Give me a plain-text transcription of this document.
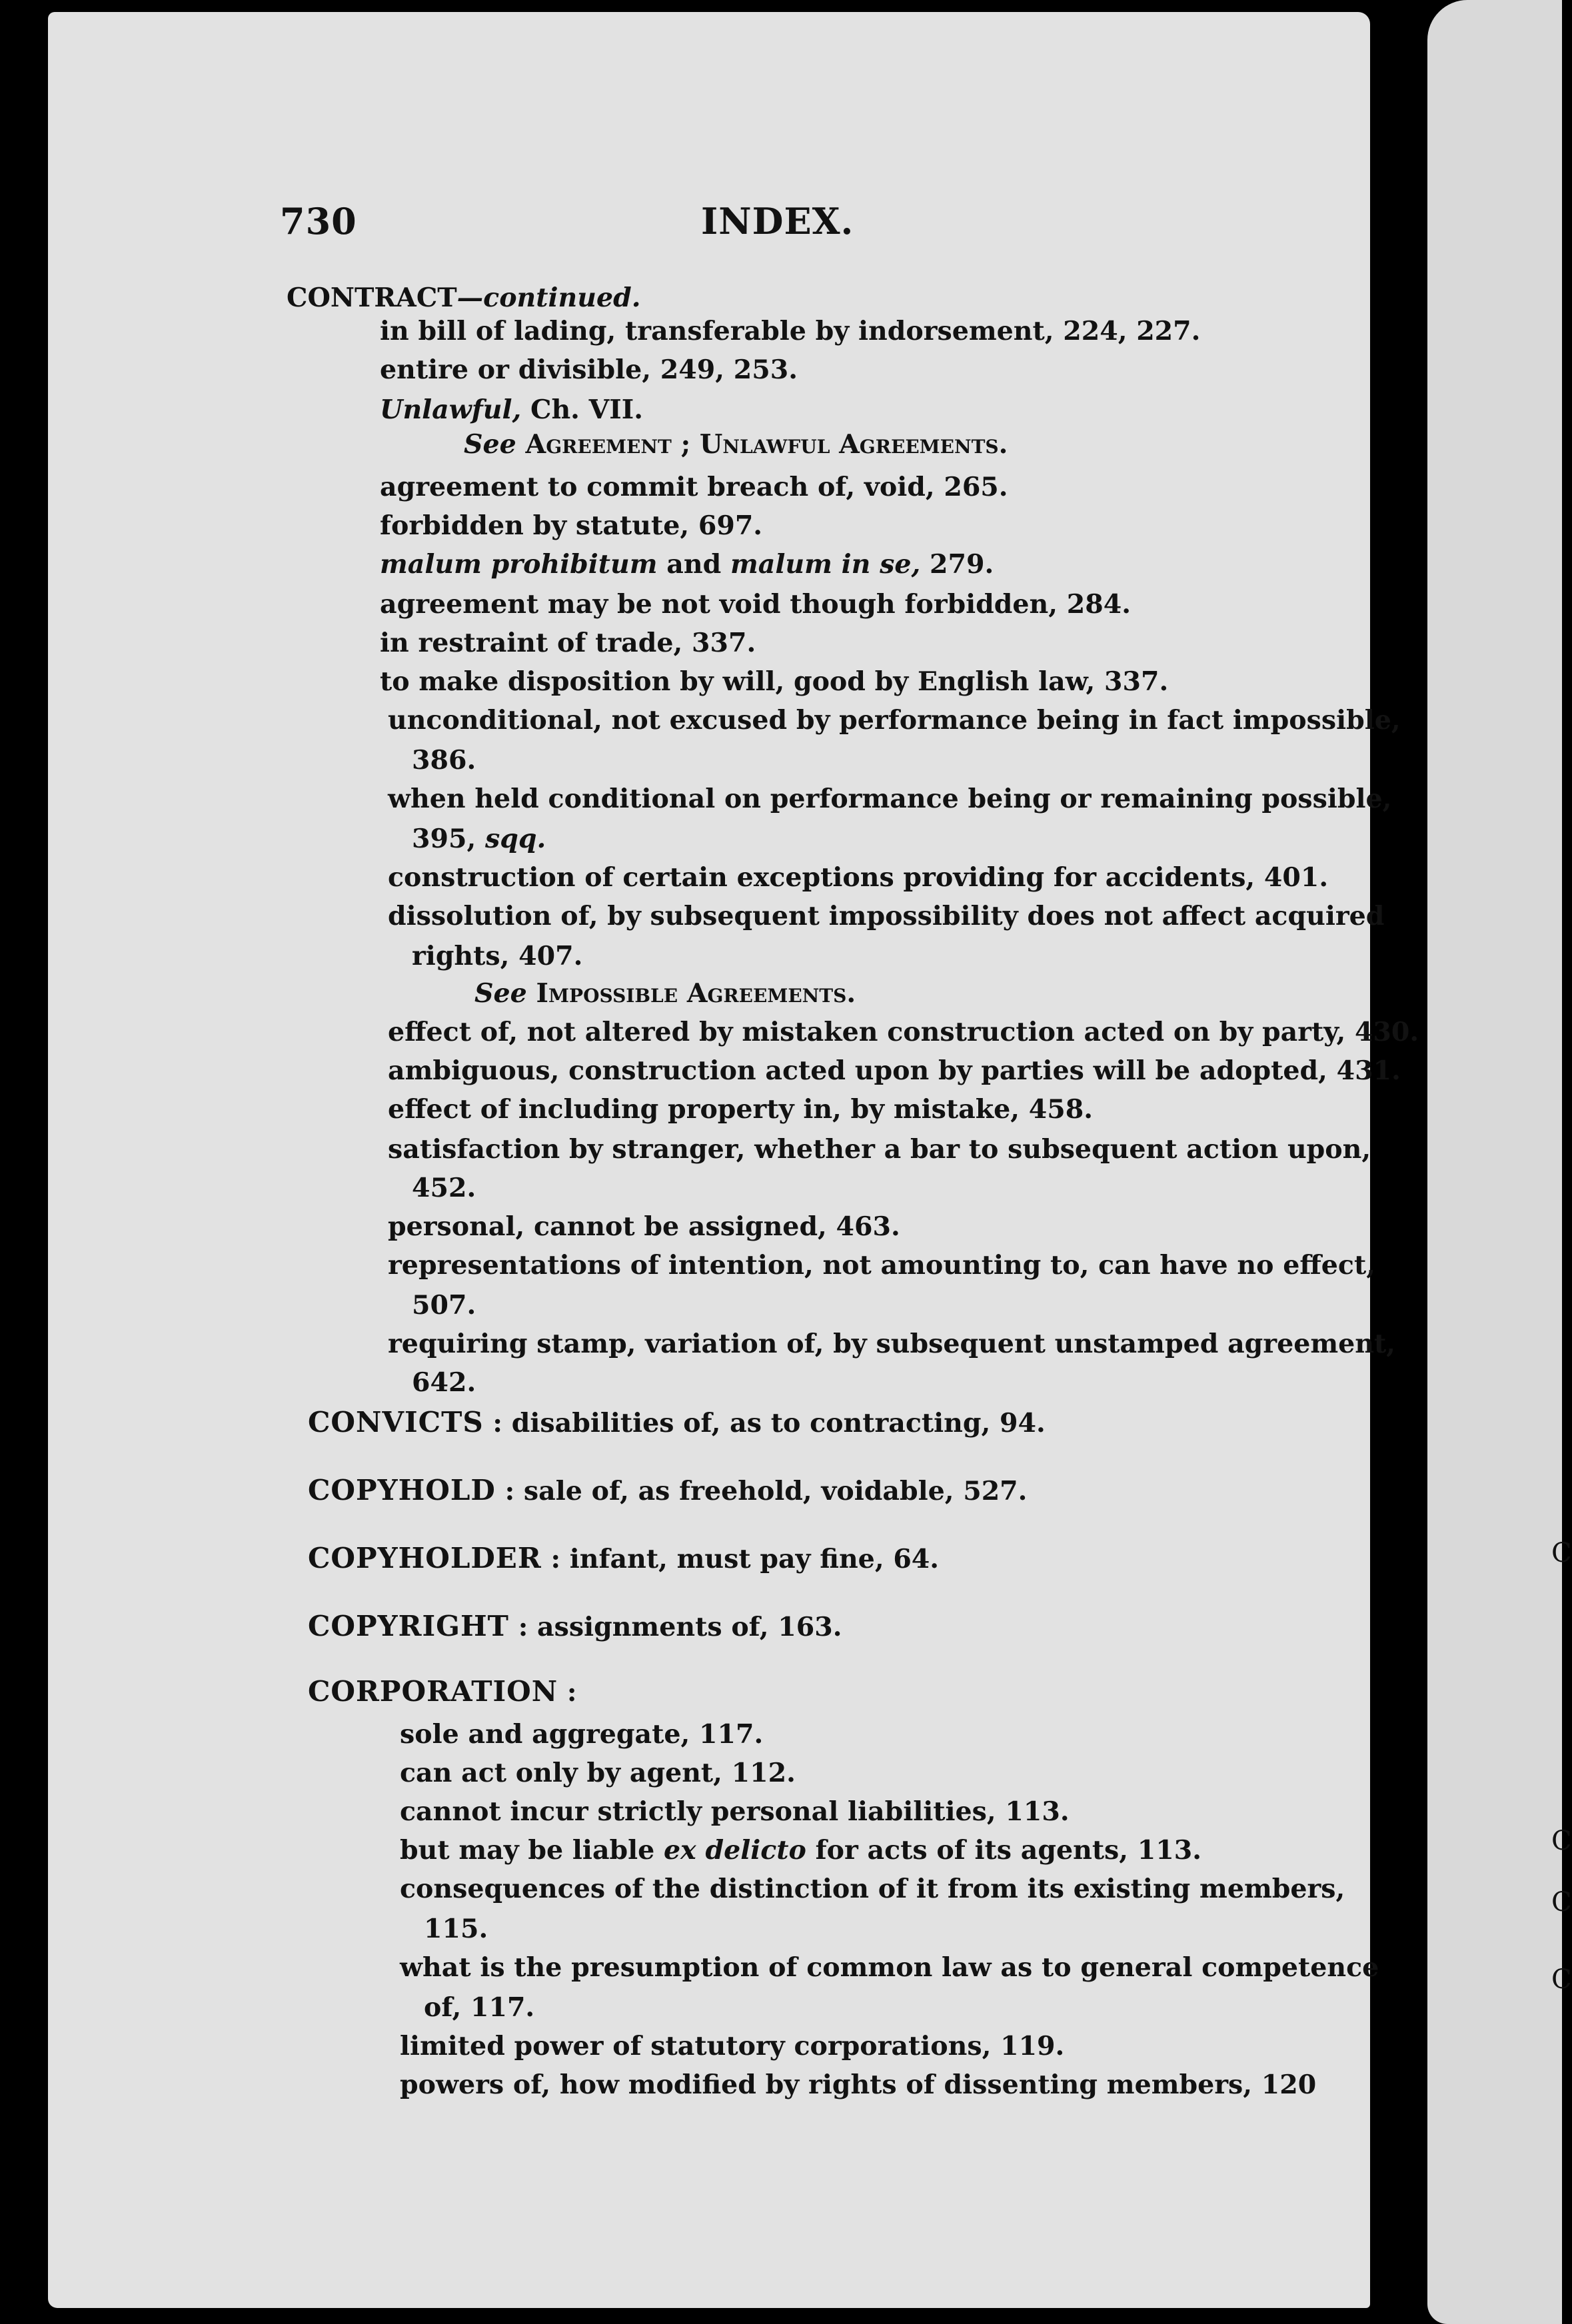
730	INDEX.
CONTRACT—continued.
in bill of lading, transferable by indorsement, 224, 227.
entire or divisible, 249, 253.
Unlawful, Ch. VII.
See Agreement ; Unlawful Agreements.
agreement to commit breach of, void, 265.
forbidden by statute, 697.
malum prohibitum and malum in se, 279.
agreement may be not void though forbidden, 284.
in restraint of trade, 337.
to make disposition by will, good by English law, 337.
unconditional, not excused by performance being in fact impossible,
386.
when held conditional on performance being or remaining possible,
395, sqq.
construction of certain exceptions providing for accidents, 401.
dissolution of, by subsequent impossibility does not affect acquired
rights, 407.
See Impossible Agreements.
effect of, not altered by mistaken construction acted on by party, 430.
ambiguous, construction acted upon by parties will be adopted, 431.
effect of including property in, by mistake, 458.
satisfaction by stranger, whether a bar to subsequent action upon,
452.
personal, cannot be assigned, 463.
representations of intention, not amounting to, can have no effect,
507.
requiring stamp, variation of, by subsequent unstamped agreement,
642.
CONVICTS : disabilities of, as to contracting, 94.
COPYHOLD : sale of, as freehold, voidable, 527.
COPYHOLDER : infant, must pay fine, 64.
COPYRIGHT : assignments of, 163.
CORPORATION :
sole and aggregate, 117.
can act only by agent, 112.
cannot incur strictly personal liabilities, 113.
but may be liable ex delicto for acts of its agents, 113.
consequences of the distinction of it from its existing members,
115.
what is the presumption of common law as to general competence
of, 117.
limited power of statutory corporations, 119.
powers of, how modified by rights of dissenting members, 120
C
C
C
C
